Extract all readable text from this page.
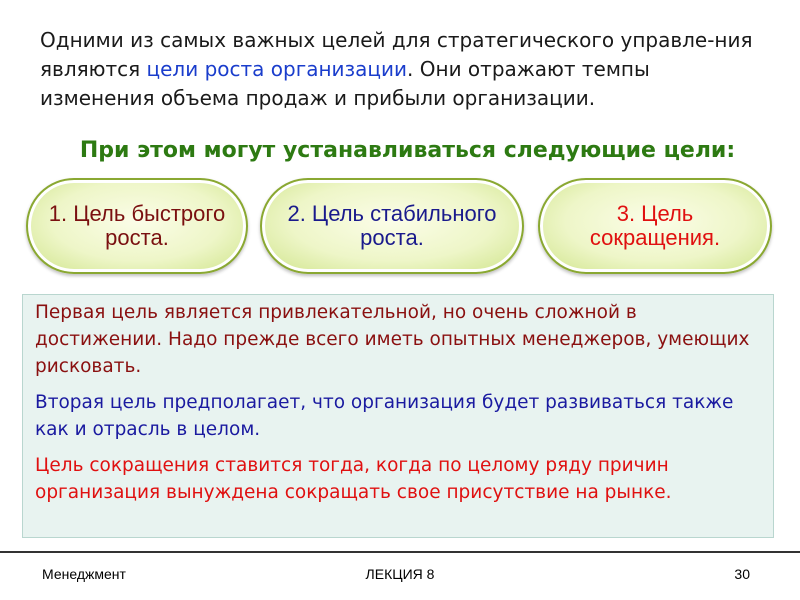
Одними из самых важных целей для стратегического управле-ния являются цели роста организации. Они отражают темпы изменения объема продаж и прибыли организации.
При этом могут устанавливаться следующие цели:
1. Цель быстрого роста.
2. Цель стабильного роста.
3. Цель сокращения.

Первая цель является привлекательной, но очень сложной в достижении. Надо прежде всего иметь опытных менеджеров, умеющих рисковать.

Вторая цель предполагает, что организация будет развиваться также как и отрасль в целом.

Цель сокращения ставится тогда, когда по целому ряду причин организация вынуждена сокращать свое присутствие на рынке.

Менеджмент	ЛЕКЦИЯ 8	30
